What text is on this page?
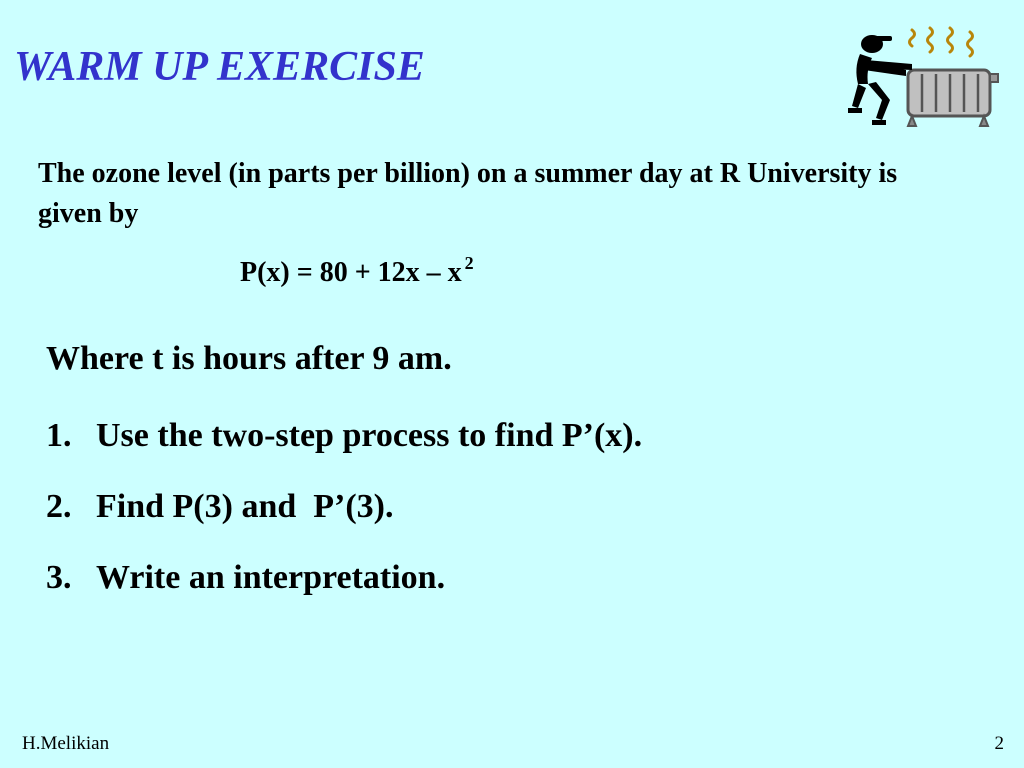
WARM UP EXERCISE
The ozone level (in parts per billion) on a summer day at R University is given by
P(x) = 80 + 12x – x $^2$
Where t is hours after 9 am.
1. Use the two-step process to find P’(x).
2. Find P(3) and  P’(3).
3. Write an interpretation.
H.Melikian	2
